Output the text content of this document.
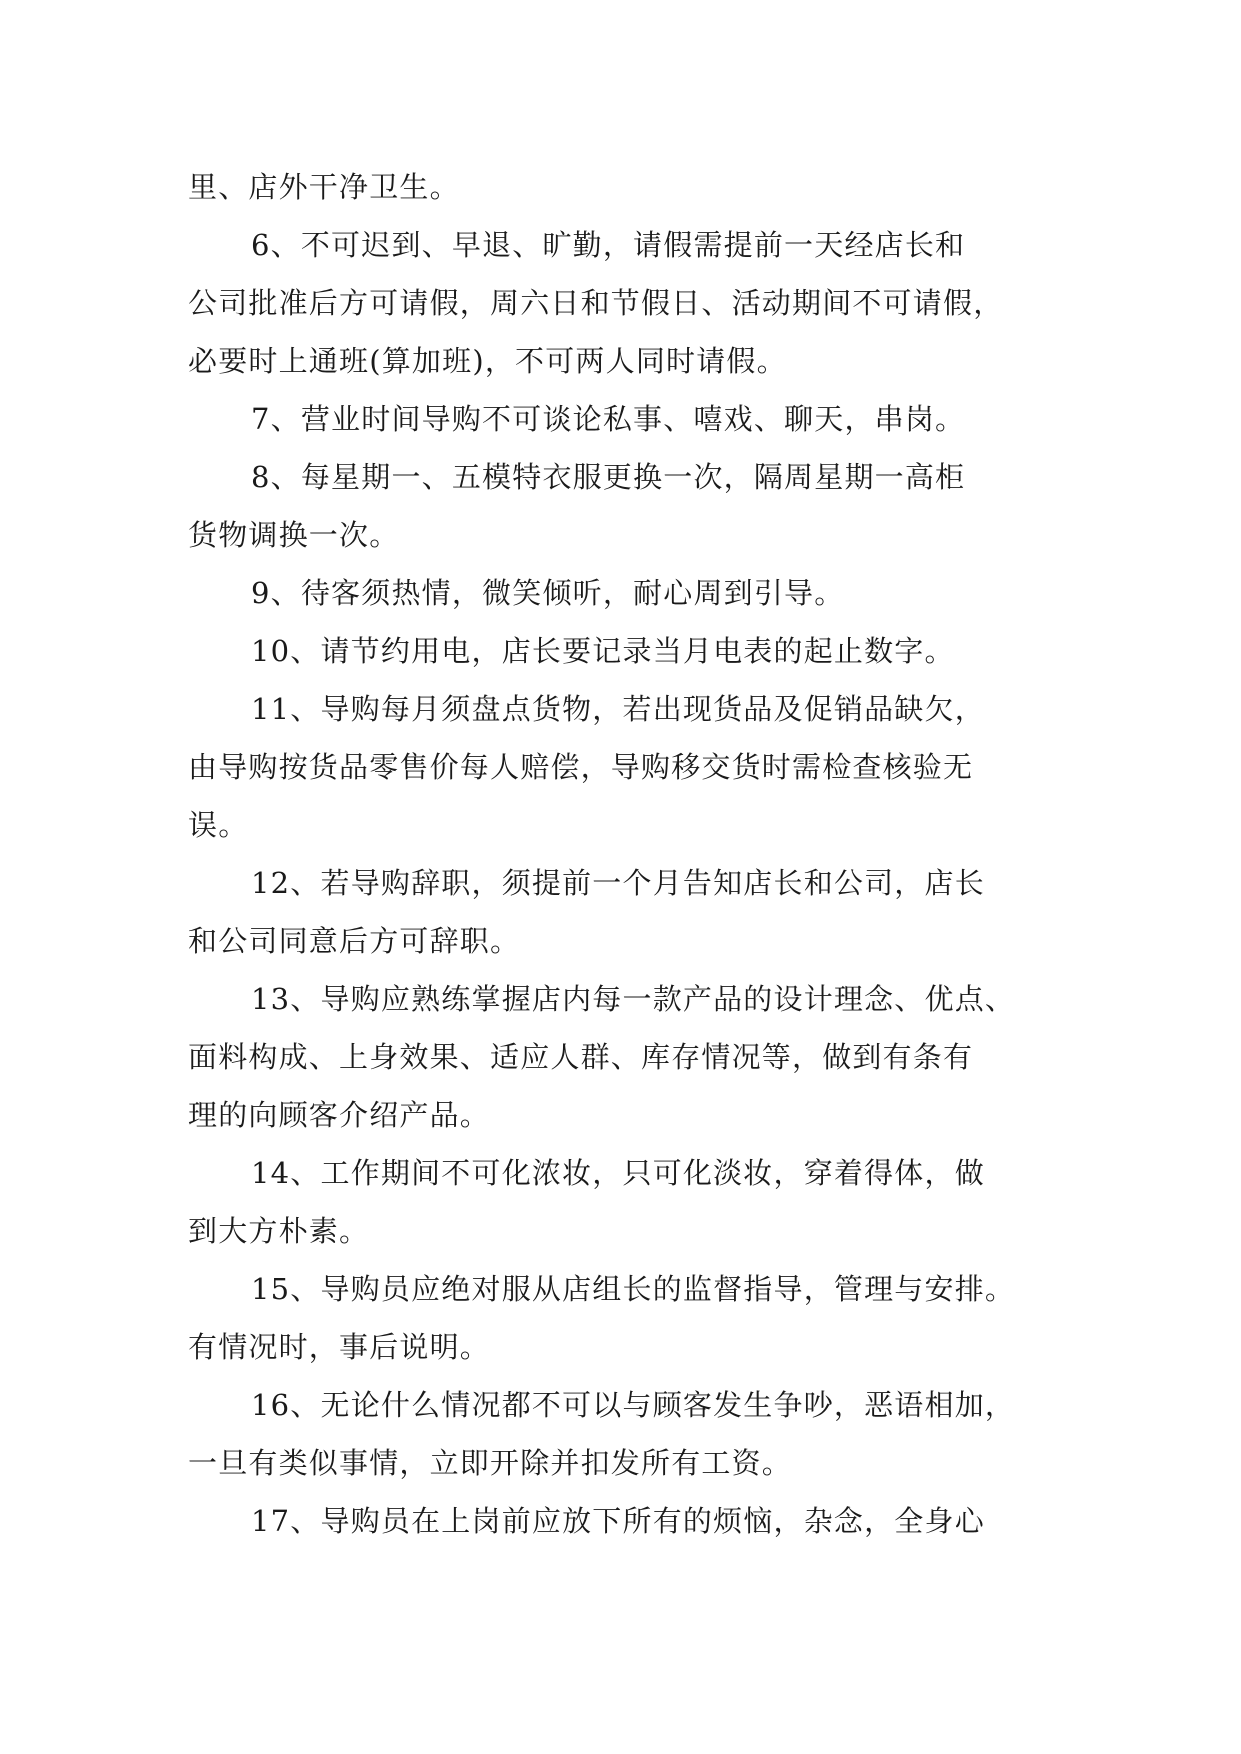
里、店外干净卫生。
6、不可迟到、早退、旷勤，请假需提前一天经店长和
公司批准后方可请假，周六日和节假日、活动期间不可请假，
必要时上通班(算加班)，不可两人同时请假。
7、营业时间导购不可谈论私事、嘻戏、聊天，串岗。
8、每星期一、五模特衣服更换一次，隔周星期一高柜
货物调换一次。
9、待客须热情，微笑倾听，耐心周到引导。
10、请节约用电，店长要记录当月电表的起止数字。
11、导购每月须盘点货物，若出现货品及促销品缺欠，
由导购按货品零售价每人赔偿，导购移交货时需检查核验无
误。
12、若导购辞职，须提前一个月告知店长和公司，店长
和公司同意后方可辞职。
13、导购应熟练掌握店内每一款产品的设计理念、优点、
面料构成、上身效果、适应人群、库存情况等，做到有条有
理的向顾客介绍产品。
14、工作期间不可化浓妆，只可化淡妆，穿着得体，做
到大方朴素。
15、导购员应绝对服从店组长的监督指导，管理与安排。
有情况时，事后说明。
16、无论什么情况都不可以与顾客发生争吵，恶语相加，
一旦有类似事情，立即开除并扣发所有工资。
17、导购员在上岗前应放下所有的烦恼，杂念，全身心
